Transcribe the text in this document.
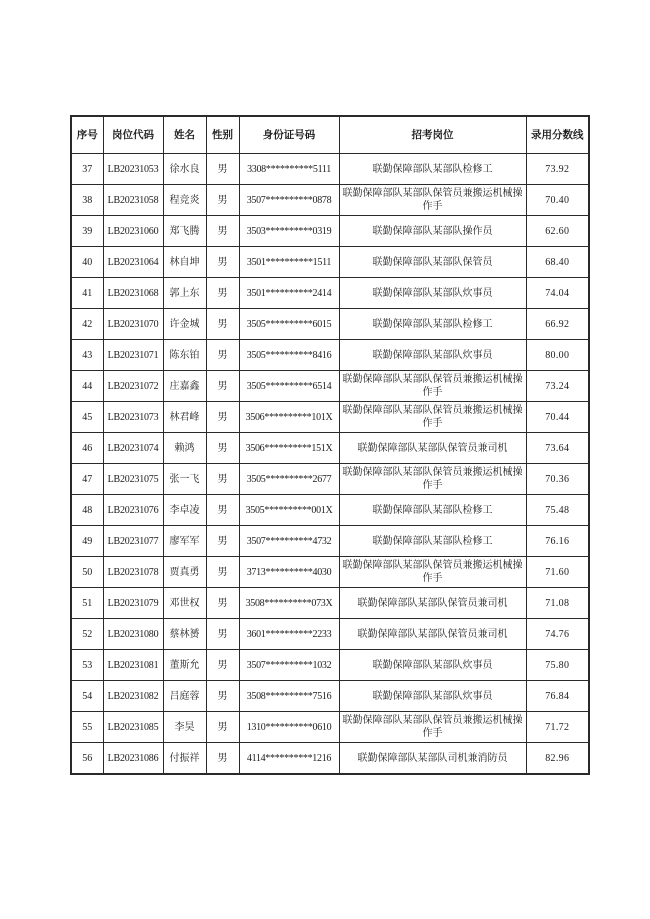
序号	岗位代码	姓名	性别	身份证号码	招考岗位	录用分数线
37	LB20231053	徐水良	男	3308**********5111	联勤保障部队某部队检修工	73.92
38	LB20231058	程竞炎	男	3507**********0878	联勤保障部队某部队保管员兼搬运机械操作手	70.40
39	LB20231060	郑飞腾	男	3503**********0319	联勤保障部队某部队操作员	62.60
40	LB20231064	林自坤	男	3501**********1511	联勤保障部队某部队保管员	68.40
41	LB20231068	郭上东	男	3501**********2414	联勤保障部队某部队炊事员	74.04
42	LB20231070	许金城	男	3505**********6015	联勤保障部队某部队检修工	66.92
43	LB20231071	陈东铂	男	3505**********8416	联勤保障部队某部队炊事员	80.00
44	LB20231072	庄嘉鑫	男	3505**********6514	联勤保障部队某部队保管员兼搬运机械操作手	73.24
45	LB20231073	林君峰	男	3506**********101X	联勤保障部队某部队保管员兼搬运机械操作手	70.44
46	LB20231074	赖鸿	男	3506**********151X	联勤保障部队某部队保管员兼司机	73.64
47	LB20231075	张一飞	男	3505**********2677	联勤保障部队某部队保管员兼搬运机械操作手	70.36
48	LB20231076	李卓凌	男	3505**********001X	联勤保障部队某部队检修工	75.48
49	LB20231077	廖军军	男	3507**********4732	联勤保障部队某部队检修工	76.16
50	LB20231078	贾真勇	男	3713**********4030	联勤保障部队某部队保管员兼搬运机械操作手	71.60
51	LB20231079	邓世权	男	3508**********073X	联勤保障部队某部队保管员兼司机	71.08
52	LB20231080	蔡林赟	男	3601**********2233	联勤保障部队某部队保管员兼司机	74.76
53	LB20231081	董斯允	男	3507**********1032	联勤保障部队某部队炊事员	75.80
54	LB20231082	吕庭蓉	男	3508**********7516	联勤保障部队某部队炊事员	76.84
55	LB20231085	李昊	男	1310**********0610	联勤保障部队某部队保管员兼搬运机械操作手	71.72
56	LB20231086	付振祥	男	4114**********1216	联勤保障部队某部队司机兼消防员	82.96
